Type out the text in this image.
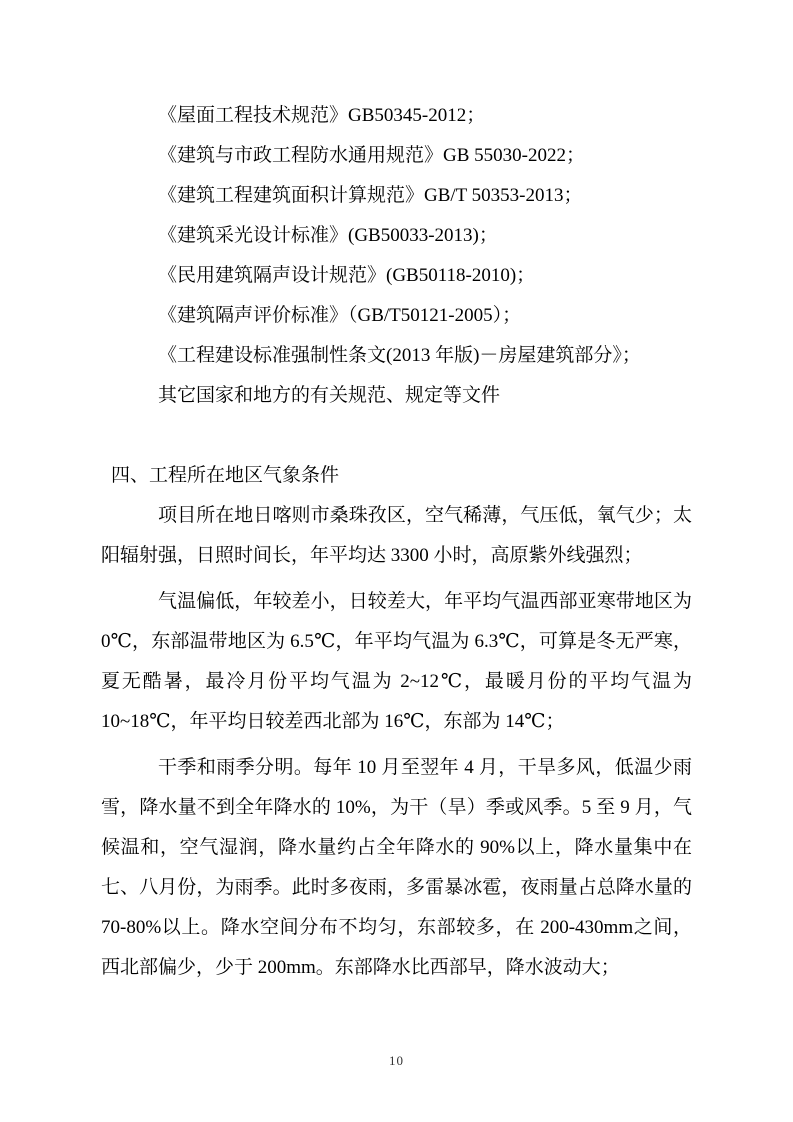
《屋面工程技术规范》GB50345-2012；

《建筑与市政工程防水通用规范》GB 55030-2022；

《建筑工程建筑面积计算规范》GB/T 50353-2013；

《建筑采光设计标准》(GB50033-2013)；

《民用建筑隔声设计规范》(GB50118-2010)；

《建筑隔声评价标准》（GB/T50121-2005）；

《工程建设标准强制性条文(2013 年版)－房屋建筑部分》；

其它国家和地方的有关规范、规定等文件

四、工程所在地区气象条件

项目所在地日喀则市桑珠孜区，空气稀薄，气压低，氧气少；太阳辐射强，日照时间长，年平均达 3300 小时，高原紫外线强烈；

气温偏低，年较差小，日较差大，年平均气温西部亚寒带地区为 0℃，东部温带地区为 6.5℃，年平均气温为 6.3℃，可算是冬无严寒，夏无酷暑，最冷月份平均气温为 2~12℃，最暖月份的平均气温为 10~18℃，年平均日较差西北部为 16℃，东部为 14℃；

干季和雨季分明。每年 10 月至翌年 4 月，干旱多风，低温少雨雪，降水量不到全年降水的 10%，为干（旱）季或风季。5 至 9 月，气候温和，空气湿润，降水量约占全年降水的 90%以上，降水量集中在七、八月份，为雨季。此时多夜雨，多雷暴冰雹，夜雨量占总降水量的 70-80%以上。降水空间分布不均匀，东部较多，在 200-430mm之间，西北部偏少，少于 200mm。东部降水比西部早，降水波动大；

10
